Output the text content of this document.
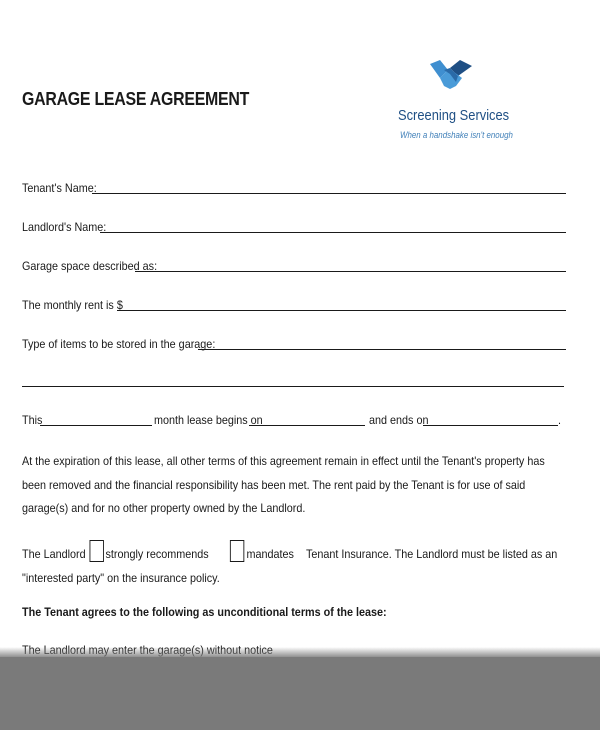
GARAGE LEASE AGREEMENT
Screening Services
When a handshake isn't enough
Tenant's Name:
Landlord's Name:
Garage space described as:
The monthly rent is $
Type of items to be stored in the garage:
This	month lease begins on	and ends on	.
At the expiration of this lease, all other terms of this agreement remain in effect until the Tenant's property has been removed and the financial responsibility has been met. The rent paid by the Tenant is for use of said garage(s) and for no other property owned by the Landlord.
The Landlord strongly recommends	mandates Tenant Insurance. The Landlord must be listed as an "interested party" on the insurance policy.
The Tenant agrees to the following as unconditional terms of the lease:
